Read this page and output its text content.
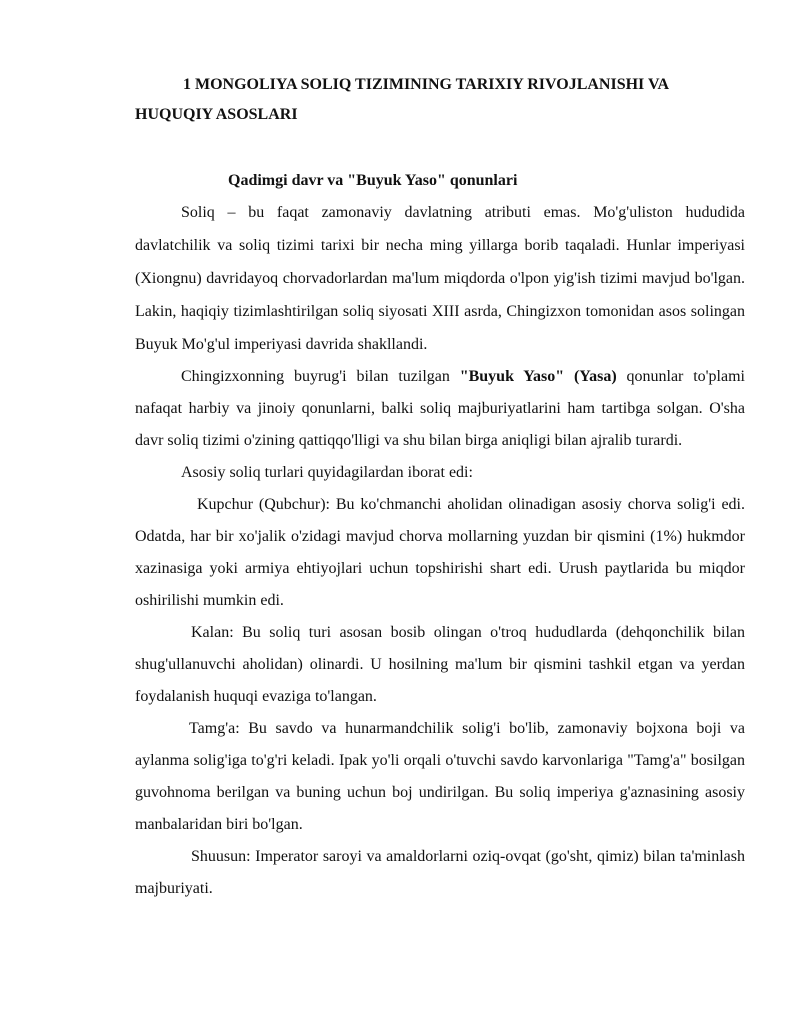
1 MONGOLIYA SOLIQ TIZIMINING TARIXIY RIVOJLANISHI VA HUQUQIY ASOSLARI
Qadimgi davr va "Buyuk Yaso" qonunlari

Soliq – bu faqat zamonaviy davlatning atributi emas. Mo'g'uliston hududida davlatchilik va soliq tizimi tarixi bir necha ming yillarga borib taqaladi. Hunlar imperiyasi (Xiongnu) davridayoq chorvadorlardan ma'lum miqdorda o'lpon yig'ish tizimi mavjud bo'lgan. Lakin, haqiqiy tizimlashtirilgan soliq siyosati XIII asrda, Chingizxon tomonidan asos solingan Buyuk Mo'g'ul imperiyasi davrida shakllandi.

Chingizxonning buyrug'i bilan tuzilgan "Buyuk Yaso" (Yasa) qonunlar to'plami nafaqat harbiy va jinoiy qonunlarni, balki soliq majburiyatlarini ham tartibga solgan. O'sha davr soliq tizimi o'zining qattiqqo'lligi va shu bilan birga aniqligi bilan ajralib turardi.

Asosiy soliq turlari quyidagilardan iborat edi:

Kupchur (Qubchur): Bu ko'chmanchi aholidan olinadigan asosiy chorva solig'i edi. Odatda, har bir xo'jalik o'zidagi mavjud chorva mollarning yuzdan bir qismini (1%) hukmdor xazinasiga yoki armiya ehtiyojlari uchun topshirishi shart edi. Urush paytlarida bu miqdor oshirilishi mumkin edi.

Kalan: Bu soliq turi asosan bosib olingan o'troq hududlarda (dehqonchilik bilan shug'ullanuvchi aholidan) olinardi. U hosilning ma'lum bir qismini tashkil etgan va yerdan foydalanish huquqi evaziga to'langan.

Tamg'a: Bu savdo va hunarmandchilik solig'i bo'lib, zamonaviy bojxona boji va aylanma solig'iga to'g'ri keladi. Ipak yo'li orqali o'tuvchi savdo karvonlariga "Tamg'a" bosilgan guvohnoma berilgan va buning uchun boj undirilgan. Bu soliq imperiya g'aznasining asosiy manbalaridan biri bo'lgan.

Shuusun: Imperator saroyi va amaldorlarni oziq-ovqat (go'sht, qimiz) bilan ta'minlash majburiyati.
